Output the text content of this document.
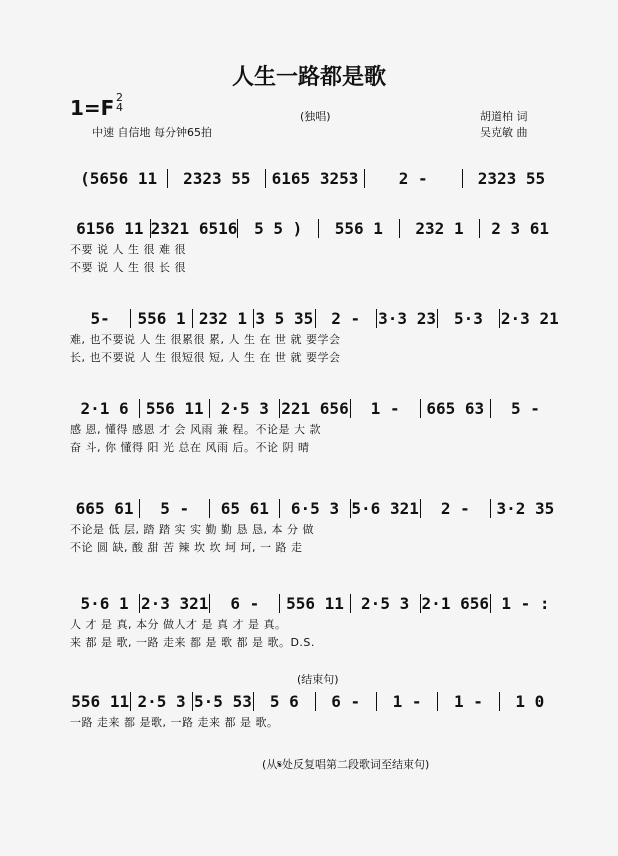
人生一路都是歌
1=F 2
4
中速 自信地 每分钟65拍
(独唱)	胡道柏 词
吴克敏 曲
(5656 11	2323 55	6165 3253	2 -	2323 55
6156 11 2321 6516	5 5 )	556 1	232 1	2 3 61
不要 说 人 生 很 难 很
不要 说 人 生 很 长 很
5-	556 1 232 1 3 5 35	2 -	3·3 23	5·3	2·3 21
难, 也不要说 人 生 很累很 累, 人 生 在 世 就 要学会
长, 也不要说 人 生 很短很 短, 人 生 在 世 就 要学会
2·1 6	556 11	2·5 3 221 656	1 -	665 63	5 -
感 恩, 懂得 感恩 才 会 风雨 兼 程。不论是 大 款
奋 斗, 你 懂得 阳 光 总在 风雨 后。不论 阴 晴
665 61	5 -	65 61	6·5 3 5·6 321	2 -	3·2 35
不论是 低 层, 踏 踏 实 实 勤 勤 恳 恳, 本 分 做
不论 圆 缺, 酸 甜 苦 辣 坎 坎 坷 坷, 一 路 走
5·6 1 2·3 321	6 -	556 11	2·5 3 2·1 656 1 - :
人 才 是 真, 本分 做人才 是 真 才 是 真。
来 都 是 歌, 一路 走来 都 是 歌 都 是 歌。D.S.
556 11 2·5 3 5·5 53	5 6	6 -	1 -	1 -	1 0
一路 走来 都 是歌, 一路 走来 都 是 歌。
(结束句)
(从𝄋处反复唱第二段歌词至结束句)
